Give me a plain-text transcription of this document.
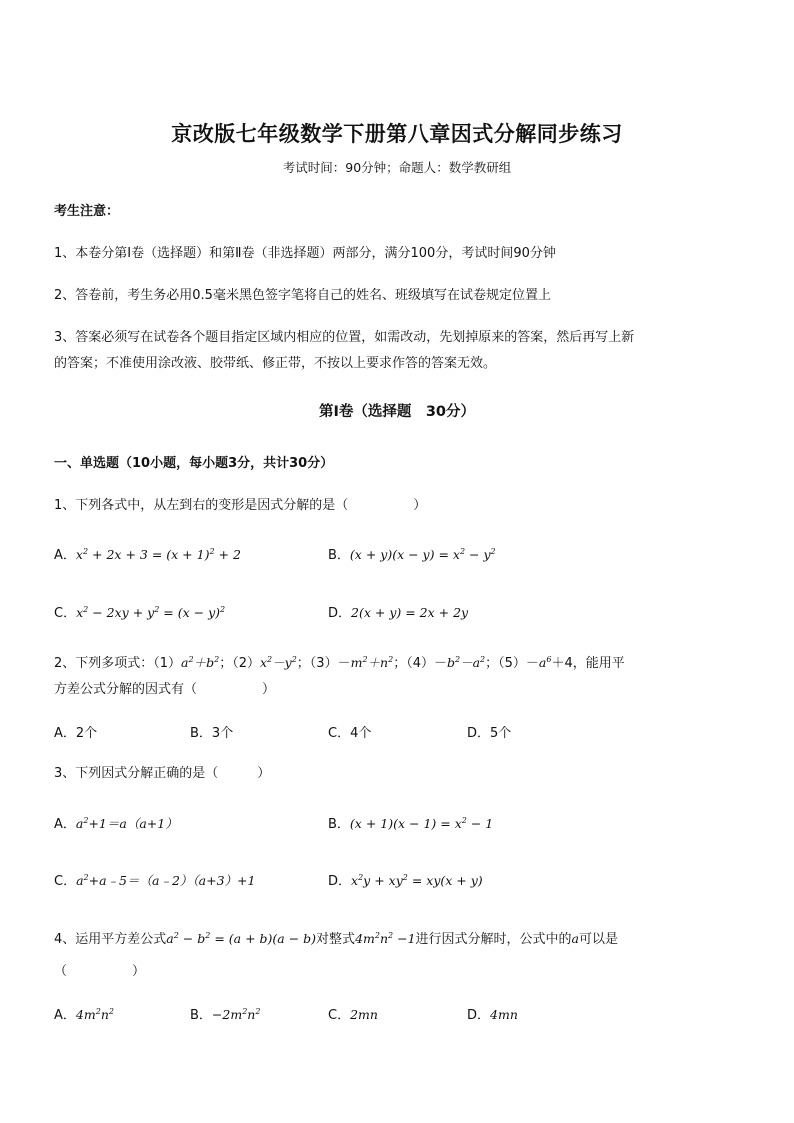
京改版七年级数学下册第八章因式分解同步练习
考试时间：90分钟；命题人：数学教研组
考生注意：
1、本卷分第Ⅰ卷（选择题）和第Ⅱ卷（非选择题）两部分，满分100分，考试时间90分钟
2、答卷前，考生务必用0.5毫米黑色签字笔将自己的姓名、班级填写在试卷规定位置上
3、答案必须写在试卷各个题目指定区域内相应的位置，如需改动，先划掉原来的答案，然后再写上新
的答案；不准使用涂改液、胶带纸、修正带，不按以上要求作答的答案无效。
第Ⅰ卷（选择题　30分）
一、单选题（10小题，每小题3分，共计30分）
1、下列各式中，从左到右的变形是因式分解的是（　　　　　）
A．$x^2 + 2x + 3 = (x + 1)^2 + 2$	B．$(x + y)(x - y) = x^2 - y^2$
C．$x^2 - 2xy + y^2 = (x - y)^2$	D．2(x + y) = 2x + 2y
2、下列多项式：$(1)a^2+b^2$；$(2)x^2-y^2$；$(3)-m^2+n^2$；$(4)-b^2-a^2$；$(5)-a^6+4$，能用平
方差公式分解的因式有（　　　　　）
A．2个	B．3个	C．4个	D．5个
3、下列因式分解正确的是（　　　）
A．$a^2+1=a(a+1)$	B．$(x + 1)(x - 1) = x^2 - 1$
C．$a^2+a﹣5=(a﹣2)(a+3)+1$	D．$x^2y + xy^2 = xy(x + y)$
4、运用平方差公式$a^2 - b^2 = (a + b)(a - b)$对整式$4m^2n^2 -1$进行因式分解时，公式中的a可以是
（　　　　　）
A．$4m^2n^2$	B．$-2m^2n^2$	C．2mn	D．4mn
